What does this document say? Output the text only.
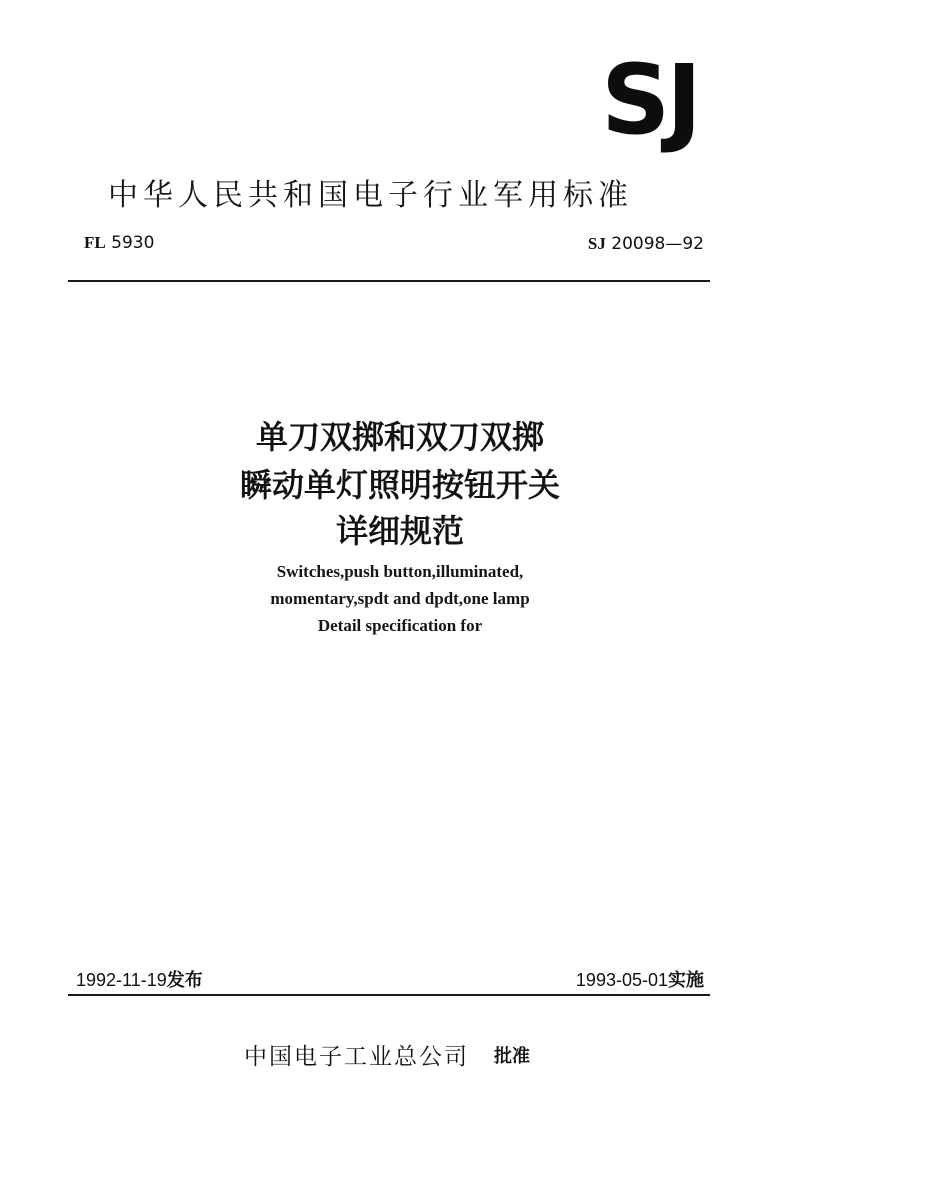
SJ
中华人民共和国电子行业军用标准
FL 5930	SJ 20098—92
单刀双掷和双刀双掷
瞬动单灯照明按钮开关
详细规范
Switches,push button,illuminated,
momentary,spdt and dpdt,one lamp
Detail specification for
1992-11-19发布	1993-05-01实施
中国电子工业总公司 批准
